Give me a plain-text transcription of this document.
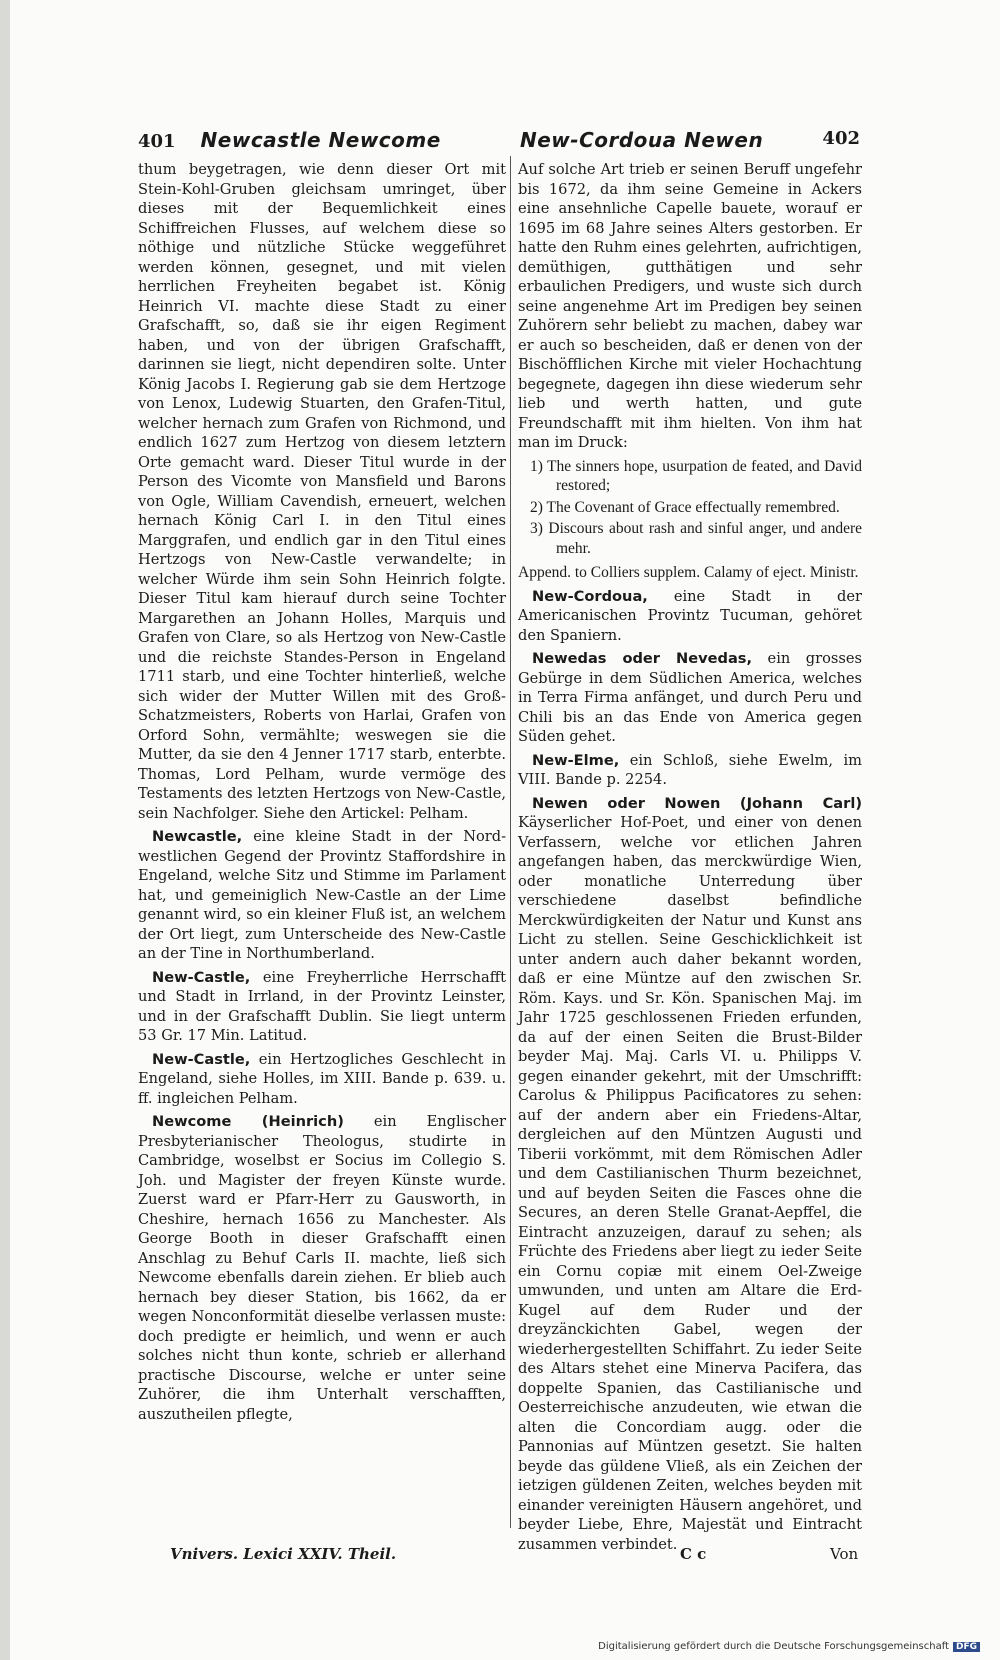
401 Newcastle Newcome	New-Cordoua Newen	402

thum beygetragen, wie denn dieser Ort mit Stein-Kohl-Gruben gleichsam umringet, über dieses mit der Bequemlichkeit eines Schiffreichen Flusses, auf welchem diese so nöthige und nützliche Stücke weggeführet werden können, gesegnet, und mit vielen herrlichen Freyheiten begabet ist. König Heinrich VI. machte diese Stadt zu einer Grafschafft, so, daß sie ihr eigen Regiment haben, und von der übrigen Grafschafft, darinnen sie liegt, nicht dependiren solte. Unter König Jacobs I. Regierung gab sie dem Hertzoge von Lenox, Ludewig Stuarten, den Grafen-Titul, welcher hernach zum Grafen von Richmond, und endlich 1627 zum Hertzog von diesem letztern Orte gemacht ward. Dieser Titul wurde in der Person des Vicomte von Mansfield und Barons von Ogle, William Cavendish, erneuert, welchen hernach König Carl I. in den Titul eines Marggrafen, und endlich gar in den Titul eines Hertzogs von New-Castle verwandelte; in welcher Würde ihm sein Sohn Heinrich folgte. Dieser Titul kam hierauf durch seine Tochter Margarethen an Johann Holles, Marquis und Grafen von Clare, so als Hertzog von New-Castle und die reichste Standes-Person in Engeland 1711 starb, und eine Tochter hinterließ, welche sich wider der Mutter Willen mit des Groß-Schatzmeisters, Roberts von Harlai, Grafen von Orford Sohn, vermählte; weswegen sie die Mutter, da sie den 4 Jenner 1717 starb, enterbte. Thomas, Lord Pelham, wurde vermöge des Testaments des letzten Hertzogs von New-Castle, sein Nachfolger. Siehe den Artickel: Pelham.

Newcastle, eine kleine Stadt in der Nord-westlichen Gegend der Provintz Staffordshire in Engeland, welche Sitz und Stimme im Parlament hat, und gemeiniglich New-Castle an der Lime genannt wird, so ein kleiner Fluß ist, an welchem der Ort liegt, zum Unterscheide des New-Castle an der Tine in Northumberland.

New-Castle, eine Freyherrliche Herrschafft und Stadt in Irrland, in der Provintz Leinster, und in der Grafschafft Dublin. Sie liegt unterm 53 Gr. 17 Min. Latitud.

New-Castle, ein Hertzogliches Geschlecht in Engeland, siehe Holles, im XIII. Bande p. 639. u. ff. ingleichen Pelham.

Newcome (Heinrich) ein Englischer Presbyterianischer Theologus, studirte in Cambridge, woselbst er Socius im Collegio S. Joh. und Magister der freyen Künste wurde. Zuerst ward er Pfarr-Herr zu Gausworth, in Cheshire, hernach 1656 zu Manchester. Als George Booth in dieser Grafschafft einen Anschlag zu Behuf Carls II. machte, ließ sich Newcome ebenfalls darein ziehen. Er blieb auch hernach bey dieser Station, bis 1662, da er wegen Nonconformität dieselbe verlassen muste: doch predigte er heimlich, und wenn er auch solches nicht thun konte, schrieb er allerhand practische Discourse, welche er unter seine Zuhörer, die ihm Unterhalt verschafften, auszutheilen pflegte,

Auf solche Art trieb er seinen Beruff ungefehr bis 1672, da ihm seine Gemeine in Ackers eine ansehnliche Capelle bauete, worauf er 1695 im 68 Jahre seines Alters gestorben. Er hatte den Ruhm eines gelehrten, aufrichtigen, demüthigen, gutthätigen und sehr erbaulichen Predigers, und wuste sich durch seine angenehme Art im Predigen bey seinen Zuhörern sehr beliebt zu machen, dabey war er auch so bescheiden, daß er denen von der Bischöfflichen Kirche mit vieler Hochachtung begegnete, dagegen ihn diese wiederum sehr lieb und werth hatten, und gute Freundschafft mit ihm hielten. Von ihm hat man im Druck:

1) The sinners hope, usurpation de feated, and David restored;
2) The Covenant of Grace effectually remembred.
3) Discours about rash and sinful anger, und andere mehr.

Append. to Colliers supplem. Calamy of eject. Ministr.

New-Cordoua, eine Stadt in der Americanischen Provintz Tucuman, gehöret den Spaniern.

Newedas oder Nevedas, ein grosses Gebürge in dem Südlichen America, welches in Terra Firma anfänget, und durch Peru und Chili bis an das Ende von America gegen Süden gehet.

New-Elme, ein Schloß, siehe Ewelm, im VIII. Bande p. 2254.

Newen oder Nowen (Johann Carl) Käyserlicher Hof-Poet, und einer von denen Verfassern, welche vor etlichen Jahren angefangen haben, das merckwürdige Wien, oder monatliche Unterredung über verschiedene daselbst befindliche Merckwürdigkeiten der Natur und Kunst ans Licht zu stellen. Seine Geschicklichkeit ist unter andern auch daher bekannt worden, daß er eine Müntze auf den zwischen Sr. Röm. Kays. und Sr. Kön. Spanischen Maj. im Jahr 1725 geschlossenen Frieden erfunden, da auf der einen Seiten die Brust-Bilder beyder Maj. Maj. Carls VI. u. Philipps V. gegen einander gekehrt, mit der Umschrifft: Carolus & Philippus Pacificatores zu sehen: auf der andern aber ein Friedens-Altar, dergleichen auf den Müntzen Augusti und Tiberii vorkömmt, mit dem Römischen Adler und dem Castilianischen Thurm bezeichnet, und auf beyden Seiten die Fasces ohne die Secures, an deren Stelle Granat-Aepffel, die Eintracht anzuzeigen, darauf zu sehen; als Früchte des Friedens aber liegt zu ieder Seite ein Cornu copiæ mit einem Oel-Zweige umwunden, und unten am Altare die Erd-Kugel auf dem Ruder und der dreyzänckichten Gabel, wegen der wiederhergestellten Schiffahrt. Zu ieder Seite des Altars stehet eine Minerva Pacifera, das doppelte Spanien, das Castilianische und Oesterreichische anzudeuten, wie etwan die alten die Concordiam augg. oder die Pannonias auf Müntzen gesetzt. Sie halten beyde das güldene Vließ, als ein Zeichen der ietzigen güldenen Zeiten, welches beyden mit einander vereinigten Häusern angehöret, und beyder Liebe, Ehre, Majestät und Eintracht zusammen verbindet.

Vnivers. Lexici XXIV. Theil.	C c	Von
Digitalisierung gefördert durch die Deutsche Forschungsgemeinschaft DFG
